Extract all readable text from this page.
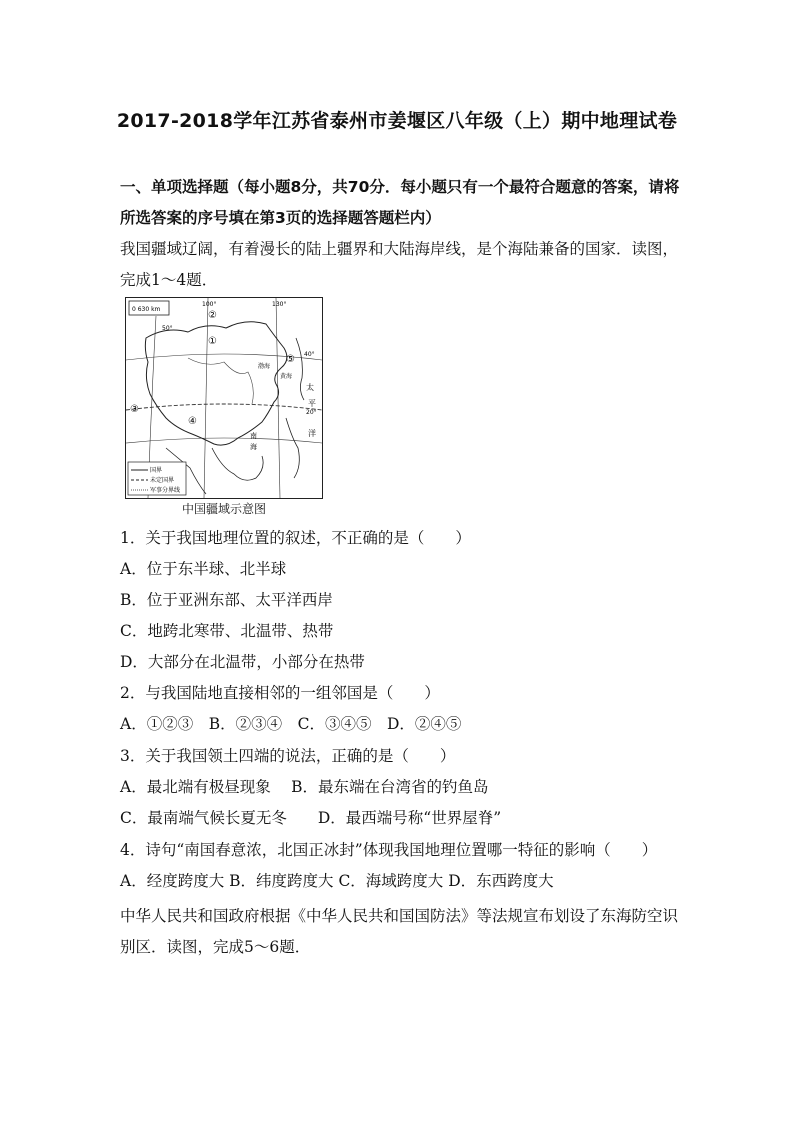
2017-2018学年江苏省泰州市姜堰区八年级（上）期中地理试卷
一、单项选择题（每小题8分，共70分．每小题只有一个最符合题意的答案，请将所选答案的序号填在第3页的选择题答题栏内）
我国疆域辽阔，有着漫长的陆上疆界和大陆海岸线，是个海陆兼备的国家．读图，完成1～4题．
0 630 km
100°	130°
50°
40°
20°
渤海
黄海
南
海
太
平
洋
①
②
③
④
⑤
国界
未定国界
军事分界线
中国疆域示意图
1．关于我国地理位置的叙述，不正确的是（　　）
A．位于东半球、北半球
B．位于亚洲东部、太平洋西岸
C．地跨北寒带、北温带、热带
D．大部分在北温带，小部分在热带
2．与我国陆地直接相邻的一组邻国是（　　）
A．①②③　B．②③④　C．③④⑤　D．②④⑤
3．关于我国领土四端的说法，正确的是（　　）
A．最北端有极昼现象　 B．最东端在台湾省的钓鱼岛
C．最南端气候长夏无冬　　D．最西端号称“世界屋脊”
4．诗句“南国春意浓，北国正冰封”体现我国地理位置哪一特征的影响（　　）
A．经度跨度大 B．纬度跨度大 C．海域跨度大 D．东西跨度大
中华人民共和国政府根据《中华人民共和国国防法》等法规宣布划设了东海防空识别区．读图，完成5～6题．
